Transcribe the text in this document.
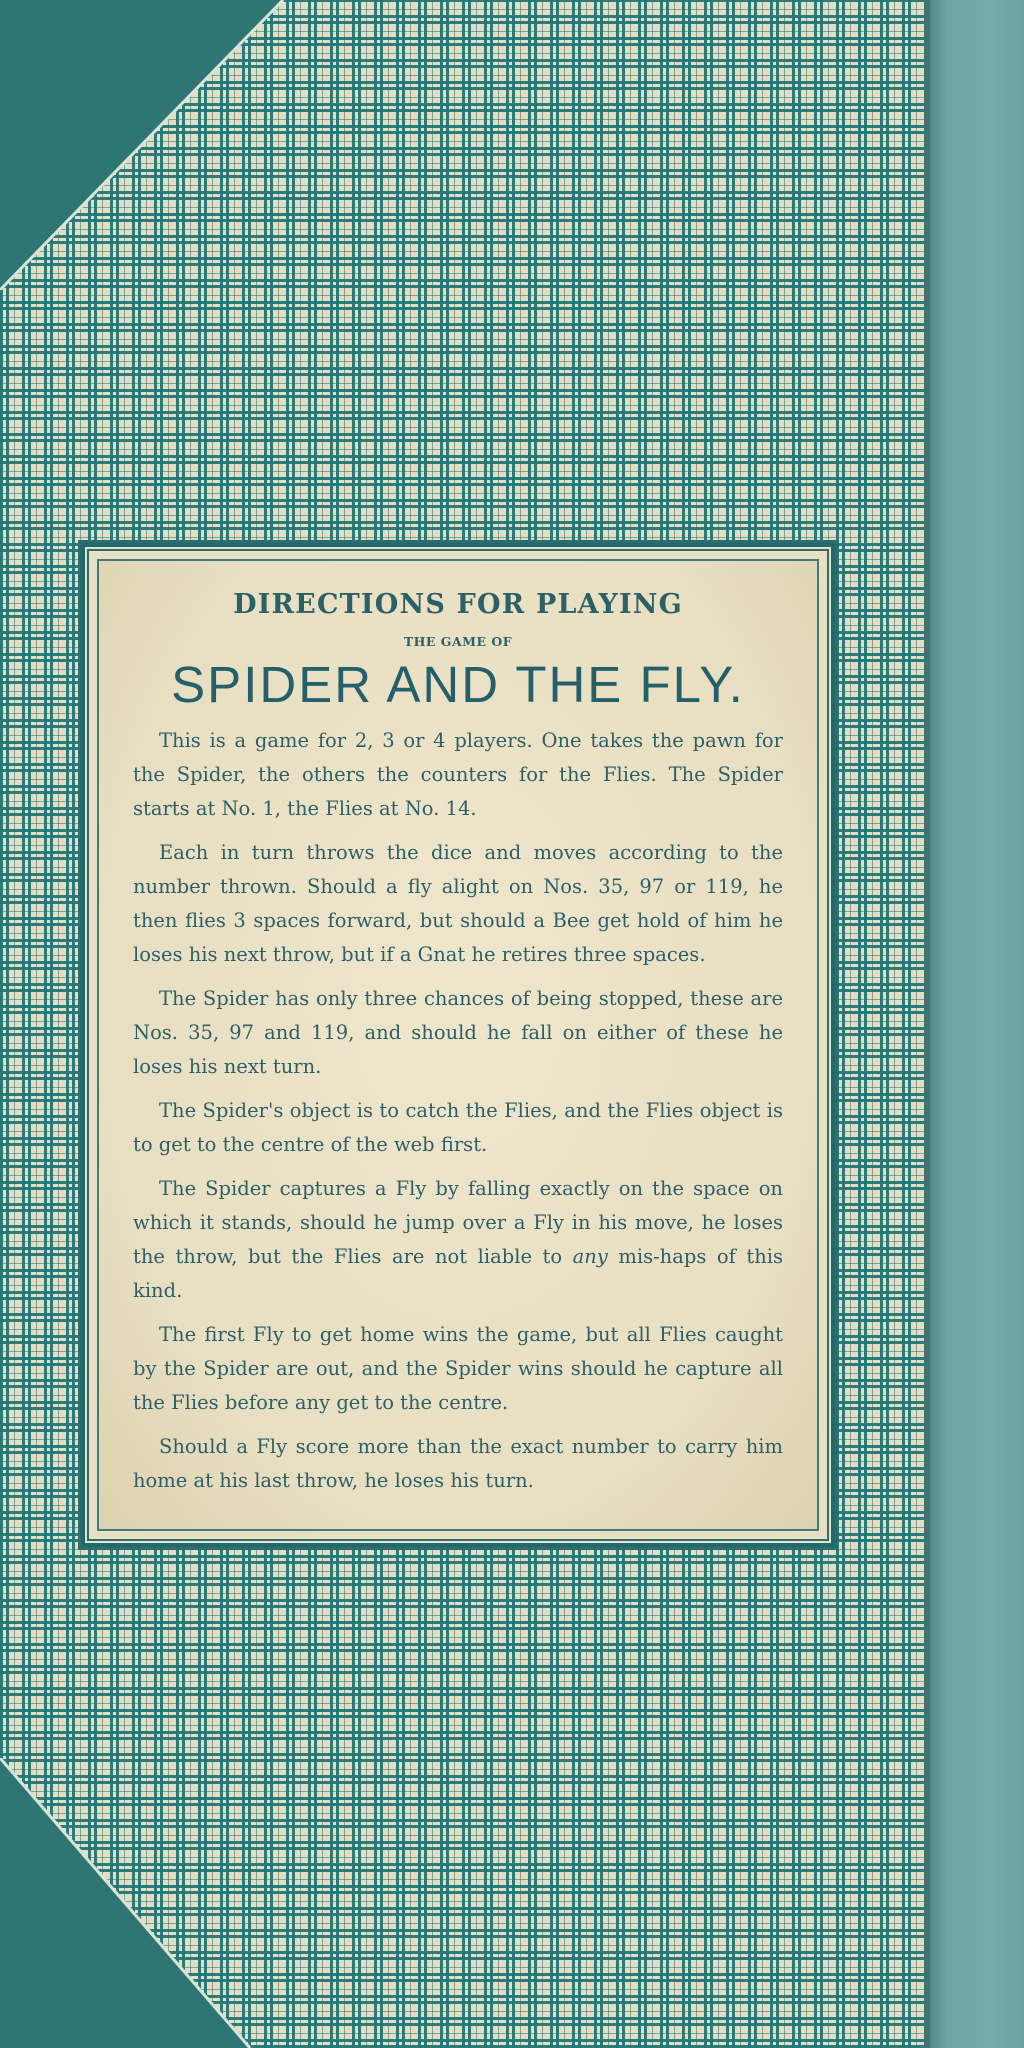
DIRECTIONS FOR PLAYING
THE GAME OF
SPIDER AND THE FLY.

This is a game for 2, 3 or 4 players. One takes the pawn for the Spider, the others the counters for the Flies. The Spider starts at No. 1, the Flies at No. 14.

Each in turn throws the dice and moves according to the number thrown. Should a fly alight on Nos. 35, 97 or 119, he then flies 3 spaces forward, but should a Bee get hold of him he loses his next throw, but if a Gnat he retires three spaces.

The Spider has only three chances of being stopped, these are Nos. 35, 97 and 119, and should he fall on either of these he loses his next turn.

The Spider's object is to catch the Flies, and the Flies object is to get to the centre of the web first.

The Spider captures a Fly by falling exactly on the space on which it stands, should he jump over a Fly in his move, he loses the throw, but the Flies are not liable to any mis-haps of this kind.

The first Fly to get home wins the game, but all Flies caught by the Spider are out, and the Spider wins should he capture all the Flies before any get to the centre.

Should a Fly score more than the exact number to carry him home at his last throw, he loses his turn.
